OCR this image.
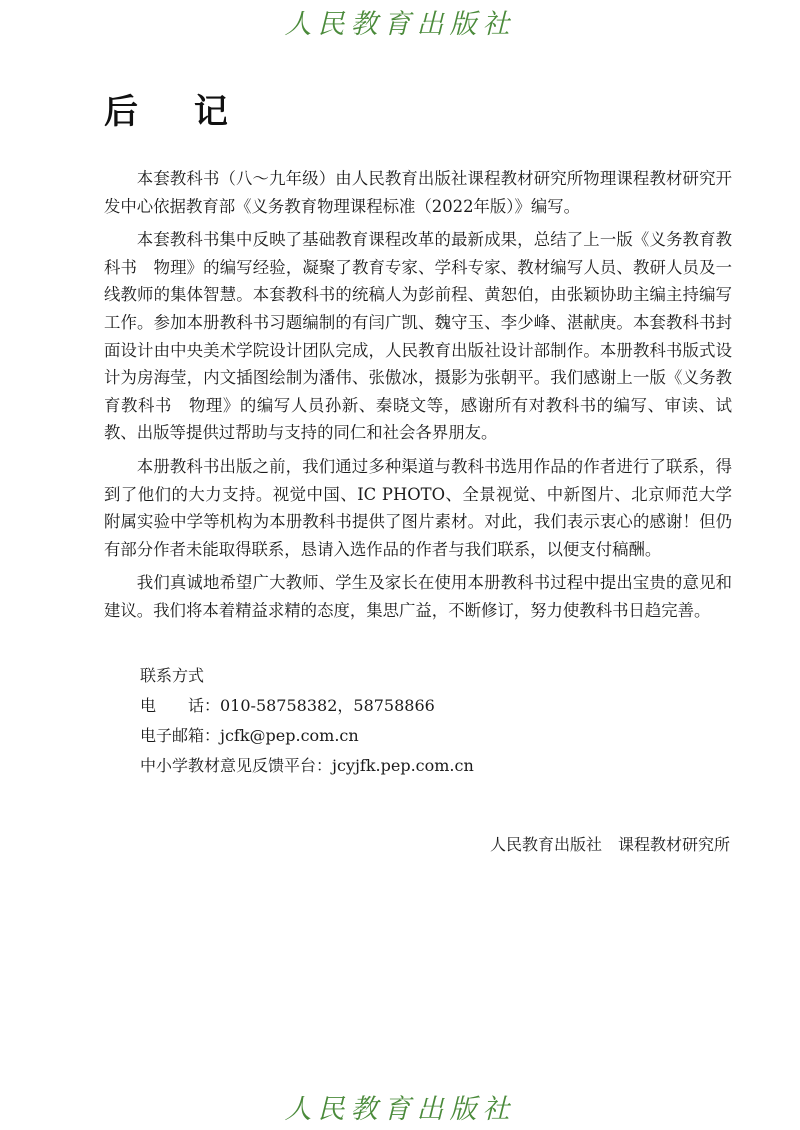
人民教育出版社
后 记

本套教科书（八～九年级）由人民教育出版社课程教材研究所物理课程教材研究开发中心依据教育部《义务教育物理课程标准（2022年版）》编写。

本套教科书集中反映了基础教育课程改革的最新成果，总结了上一版《义务教育教科书　物理》的编写经验，凝聚了教育专家、学科专家、教材编写人员、教研人员及一线教师的集体智慧。本套教科书的统稿人为彭前程、黄恕伯，由张颖协助主编主持编写工作。参加本册教科书习题编制的有闫广凯、魏守玉、李少峰、湛献庚。本套教科书封面设计由中央美术学院设计团队完成，人民教育出版社设计部制作。本册教科书版式设计为房海莹，内文插图绘制为潘伟、张傲冰，摄影为张朝平。我们感谢上一版《义务教育教科书　物理》的编写人员孙新、秦晓文等，感谢所有对教科书的编写、审读、试教、出版等提供过帮助与支持的同仁和社会各界朋友。

本册教科书出版之前，我们通过多种渠道与教科书选用作品的作者进行了联系，得到了他们的大力支持。视觉中国、IC PHOTO、全景视觉、中新图片、北京师范大学附属实验中学等机构为本册教科书提供了图片素材。对此，我们表示衷心的感谢！但仍有部分作者未能取得联系，恳请入选作品的作者与我们联系，以便支付稿酬。

我们真诚地希望广大教师、学生及家长在使用本册教科书过程中提出宝贵的意见和建议。我们将本着精益求精的态度，集思广益，不断修订，努力使教科书日趋完善。

联系方式
电　　话：010-58758382，58758866
电子邮箱：jcfk@pep.com.cn
中小学教材意见反馈平台：jcyjfk.pep.com.cn
人民教育出版社　课程教材研究所
人民教育出版社
